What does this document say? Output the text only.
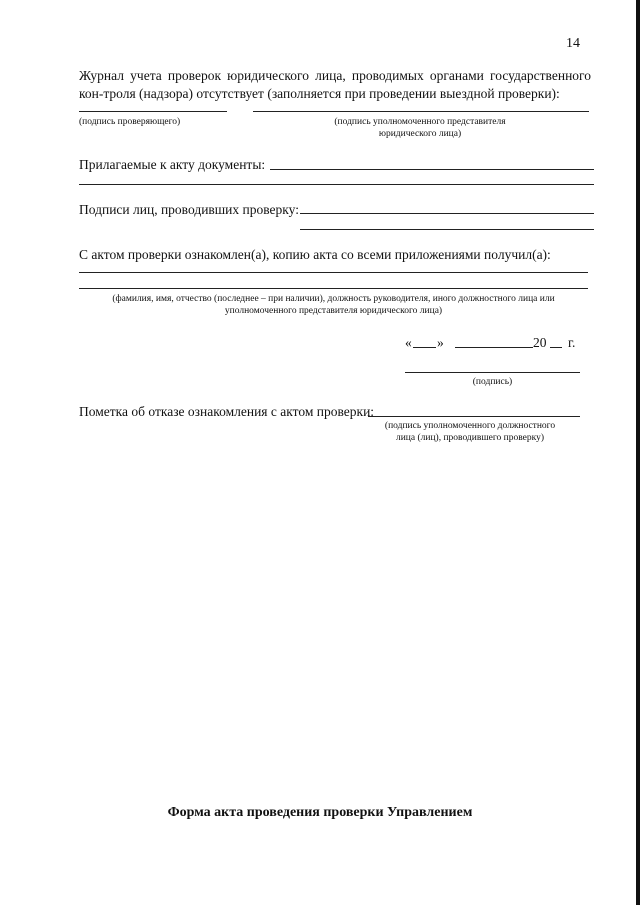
14
Журнал учета проверок юридического лица, проводимых органами государственного кон-троля (надзора) отсутствует (заполняется при проведении выездной проверки):
(подпись проверяющего)	(подпись уполномоченного представителя
юридического лица)
Прилагаемые к акту документы:
Подписи лиц, проводивших проверку:
С актом проверки ознакомлен(а), копию акта со всеми приложениями получил(а):
(фамилия, имя, отчество (последнее – при наличии), должность руководителя, иного должностного лица или
уполномоченного представителя юридического лица)
« »	20 г.
(подпись)
Пометка об отказе ознакомления с актом проверки:
(подпись уполномоченного должностного
лица (лиц), проводившего проверку)
Форма акта проведения проверки Управлением
